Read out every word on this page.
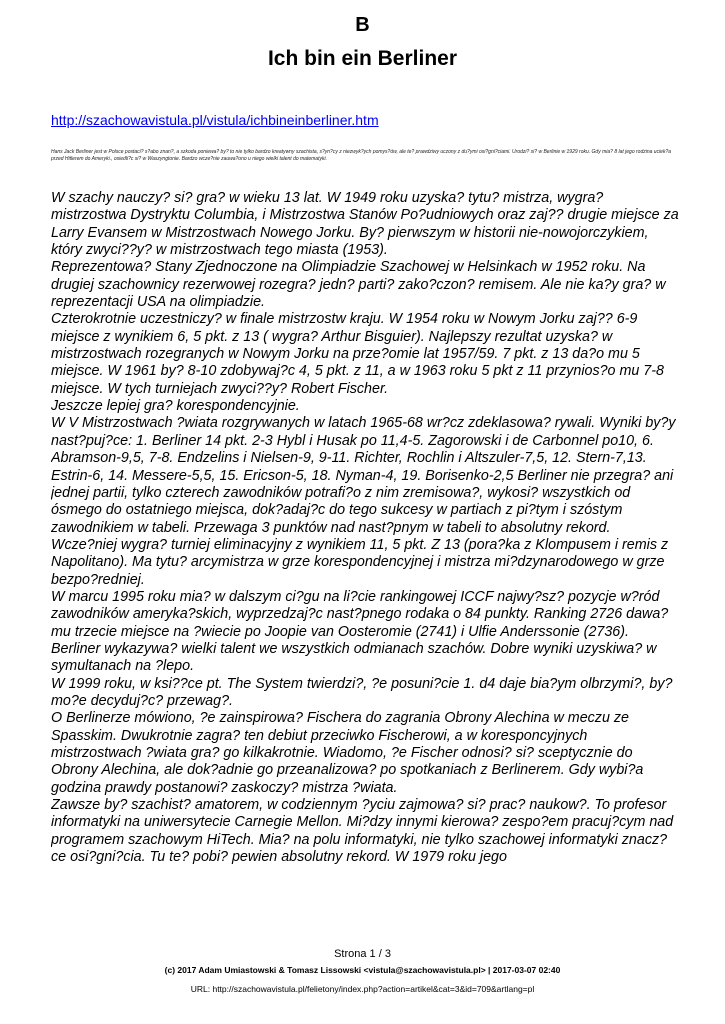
B
Ich bin ein Berliner
http://szachowavistula.pl/vistula/ichbineinberliner.htm
Hans Jack Berliner jest w Polsce postaci? s?abo znan?, a szkoda poniewa? by? to nie tylko bardzo kreatywny szachista, s?yn?cy z niezwyk?ych pomys?ów, ale te? prawdziwy uczony z du?ymi osi?gni?ciami. Urodzi? si? w Berlinie w 1929 roku. Gdy mia? 8 lat jego rodzina uciek?a przed Hitlerem do Ameryki., osiedli?c si? w Waszyngtonie. Bardzo wcze?nie zauwa?ono u niego wielki talent do matematyki.

W szachy nauczy? si? gra? w wieku 13 lat. W 1949 roku uzyska? tytu? mistrza, wygra? mistrzostwa Dystryktu Columbia, i Mistrzostwa Stanów Po?udniowych oraz zaj?? drugie miejsce za Larry Evansem w Mistrzostwach Nowego Jorku. By? pierwszym w historii nie-nowojorczykiem, który zwyci??y? w mistrzostwach tego miasta (1953).

Reprezentowa? Stany Zjednoczone na Olimpiadzie Szachowej w Helsinkach w 1952 roku. Na drugiej szachownicy rezerwowej rozegra? jedn? parti? zako?czon? remisem. Ale nie ka?y gra? w reprezentacji USA na olimpiadzie.

Czterokrotnie uczestniczy? w finale mistrzostw kraju. W 1954 roku w Nowym Jorku zaj?? 6-9 miejsce z wynikiem 6, 5 pkt. z 13 ( wygra? Arthur Bisguier). Najlepszy rezultat uzyska? w mistrzostwach rozegranych w Nowym Jorku na prze?omie lat 1957/59. 7 pkt. z 13 da?o mu 5 miejsce. W 1961 by? 8-10 zdobywaj?c 4, 5 pkt. z 11, a w 1963 roku 5 pkt z 11 przynios?o mu 7-8 miejsce. W tych turniejach zwyci??y? Robert Fischer.

Jeszcze lepiej gra? korespondencyjnie.

W V Mistrzostwach ?wiata rozgrywanych w latach 1965-68 wr?cz zdeklasowa? rywali. Wyniki by?y nast?puj?ce: 1. Berliner 14 pkt. 2-3 Hybl i Husak po 11,4-5. Zagorowski i de Carbonnel po10, 6. Abramson-9,5, 7-8. Endzelins i Nielsen-9, 9-11. Richter, Rochlin i Altszuler-7,5, 12. Stern-7,13. Estrin-6, 14. Messere-5,5, 15. Ericson-5, 18. Nyman-4, 19. Borisenko-2,5 Berliner nie przegra? ani jednej partii, tylko czterech zawodników potrafi?o z nim zremisowa?, wykosi? wszystkich od ósmego do ostatniego miejsca, dok?adaj?c do tego sukcesy w partiach z pi?tym i szóstym zawodnikiem w tabeli. Przewaga 3 punktów nad nast?pnym w tabeli to absolutny rekord.

Wcze?niej wygra? turniej eliminacyjny z wynikiem 11, 5 pkt. Z 13 (pora?ka z Klompusem i remis z Napolitano). Ma tytu? arcymistrza w grze korespondencyjnej i mistrza mi?dzynarodowego w grze bezpo?redniej.

W marcu 1995 roku mia? w dalszym ci?gu na li?cie rankingowej ICCF najwy?sz? pozycje w?ród zawodników ameryka?skich, wyprzedzaj?c nast?pnego rodaka o 84 punkty. Ranking 2726 dawa? mu trzecie miejsce na ?wiecie po Joopie van Oosteromie (2741) i Ulfie Anderssonie (2736).

Berliner wykazywa? wielki talent we wszystkich odmianach szachów. Dobre wyniki uzyskiwa? w symultanach na ?lepo.

W 1999 roku, w ksi??ce pt. The System twierdzi?, ?e posuni?cie 1. d4 daje bia?ym olbrzymi?, by? mo?e decyduj?c? przewag?.

O Berlinerze mówiono, ?e zainspirowa? Fischera do zagrania Obrony Alechina w meczu ze Spasskim. Dwukrotnie zagra? ten debiut przeciwko Fischerowi, a w koresponcyjnych mistrzostwach ?wiata gra? go kilkakrotnie. Wiadomo, ?e Fischer odnosi? si? sceptycznie do Obrony Alechina, ale dok?adnie go przeanalizowa? po spotkaniach z Berlinerem. Gdy wybi?a godzina prawdy postanowi? zaskoczy? mistrza ?wiata.

Zawsze by? szachist? amatorem, w codziennym ?yciu zajmowa? si? prac? naukow?. To profesor informatyki na uniwersytecie Carnegie Mellon. Mi?dzy innymi kierowa? zespo?em pracuj?cym nad programem szachowym HiTech. Mia? na polu informatyki, nie tylko szachowej informatyki znacz?ce osi?gni?cia. Tu te? pobi? pewien absolutny rekord. W 1979 roku jego

Strona 1 / 3
(c) 2017 Adam Umiastowski & Tomasz Lissowski <vistula@szachowavistula.pl> | 2017-03-07 02:40
URL: http://szachowavistula.pl/felietony/index.php?action=artikel&cat=3&id=709&artlang=pl
